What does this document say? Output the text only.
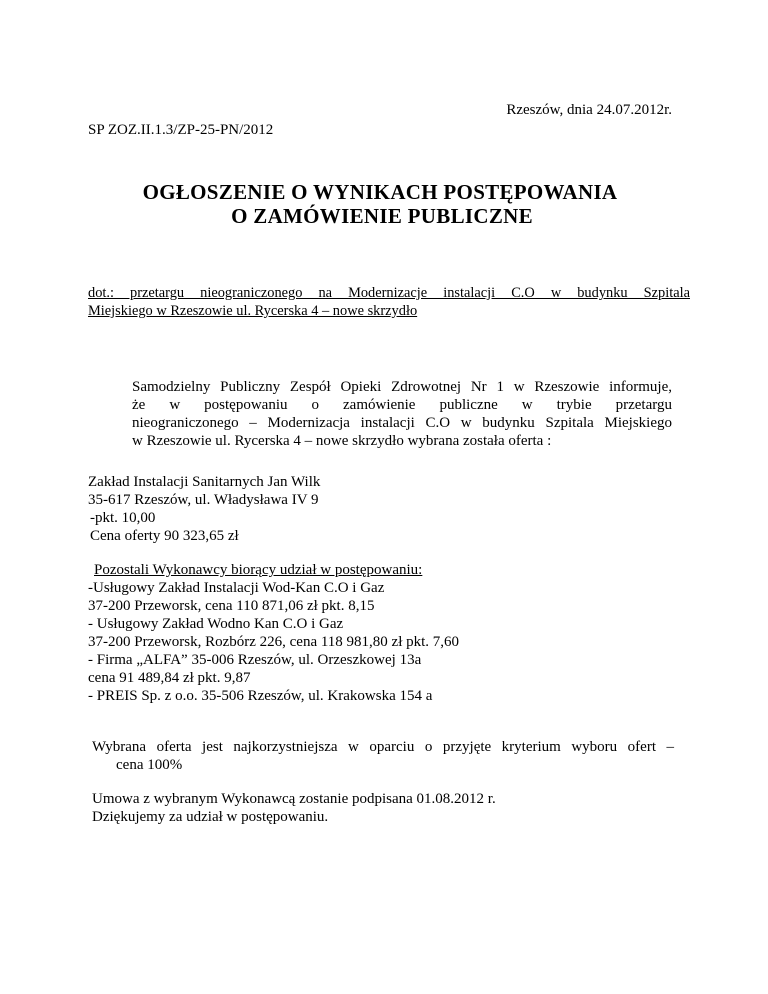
Rzeszów, dnia 24.07.2012r.
SP ZOZ.II.1.3/ZP-25-PN/2012
OGŁOSZENIE O WYNIKACH POSTĘPOWANIA
O ZAMÓWIENIE PUBLICZNE
dot.: przetargu nieograniczonego na Modernizacje instalacji C.O w budynku Szpitala
Miejskiego w Rzeszowie ul. Rycerska 4 – nowe skrzydło
Samodzielny Publiczny Zespół Opieki Zdrowotnej Nr 1 w Rzeszowie informuje,
że w postępowaniu o zamówienie publiczne w trybie przetargu
nieograniczonego – Modernizacja instalacji C.O w budynku Szpitala Miejskiego
w Rzeszowie ul. Rycerska 4 – nowe skrzydło wybrana została oferta :
Zakład Instalacji Sanitarnych Jan Wilk
35-617 Rzeszów, ul. Władysława IV 9
-pkt. 10,00
Cena oferty 90 323,65 zł
Pozostali Wykonawcy biorący udział w postępowaniu:
-Usługowy Zakład Instalacji Wod-Kan C.O i Gaz
37-200 Przeworsk, cena 110 871,06 zł pkt. 8,15
- Usługowy Zakład Wodno Kan C.O i Gaz
37-200 Przeworsk, Rozbórz 226, cena 118 981,80 zł pkt. 7,60
- Firma „ALFA” 35-006 Rzeszów, ul. Orzeszkowej 13a
cena 91 489,84 zł pkt. 9,87
- PREIS Sp. z o.o. 35-506 Rzeszów, ul. Krakowska 154 a
Wybrana oferta jest najkorzystniejsza w oparciu o przyjęte kryterium wyboru ofert –
cena 100%
Umowa z wybranym Wykonawcą zostanie podpisana 01.08.2012 r.
Dziękujemy za udział w postępowaniu.
